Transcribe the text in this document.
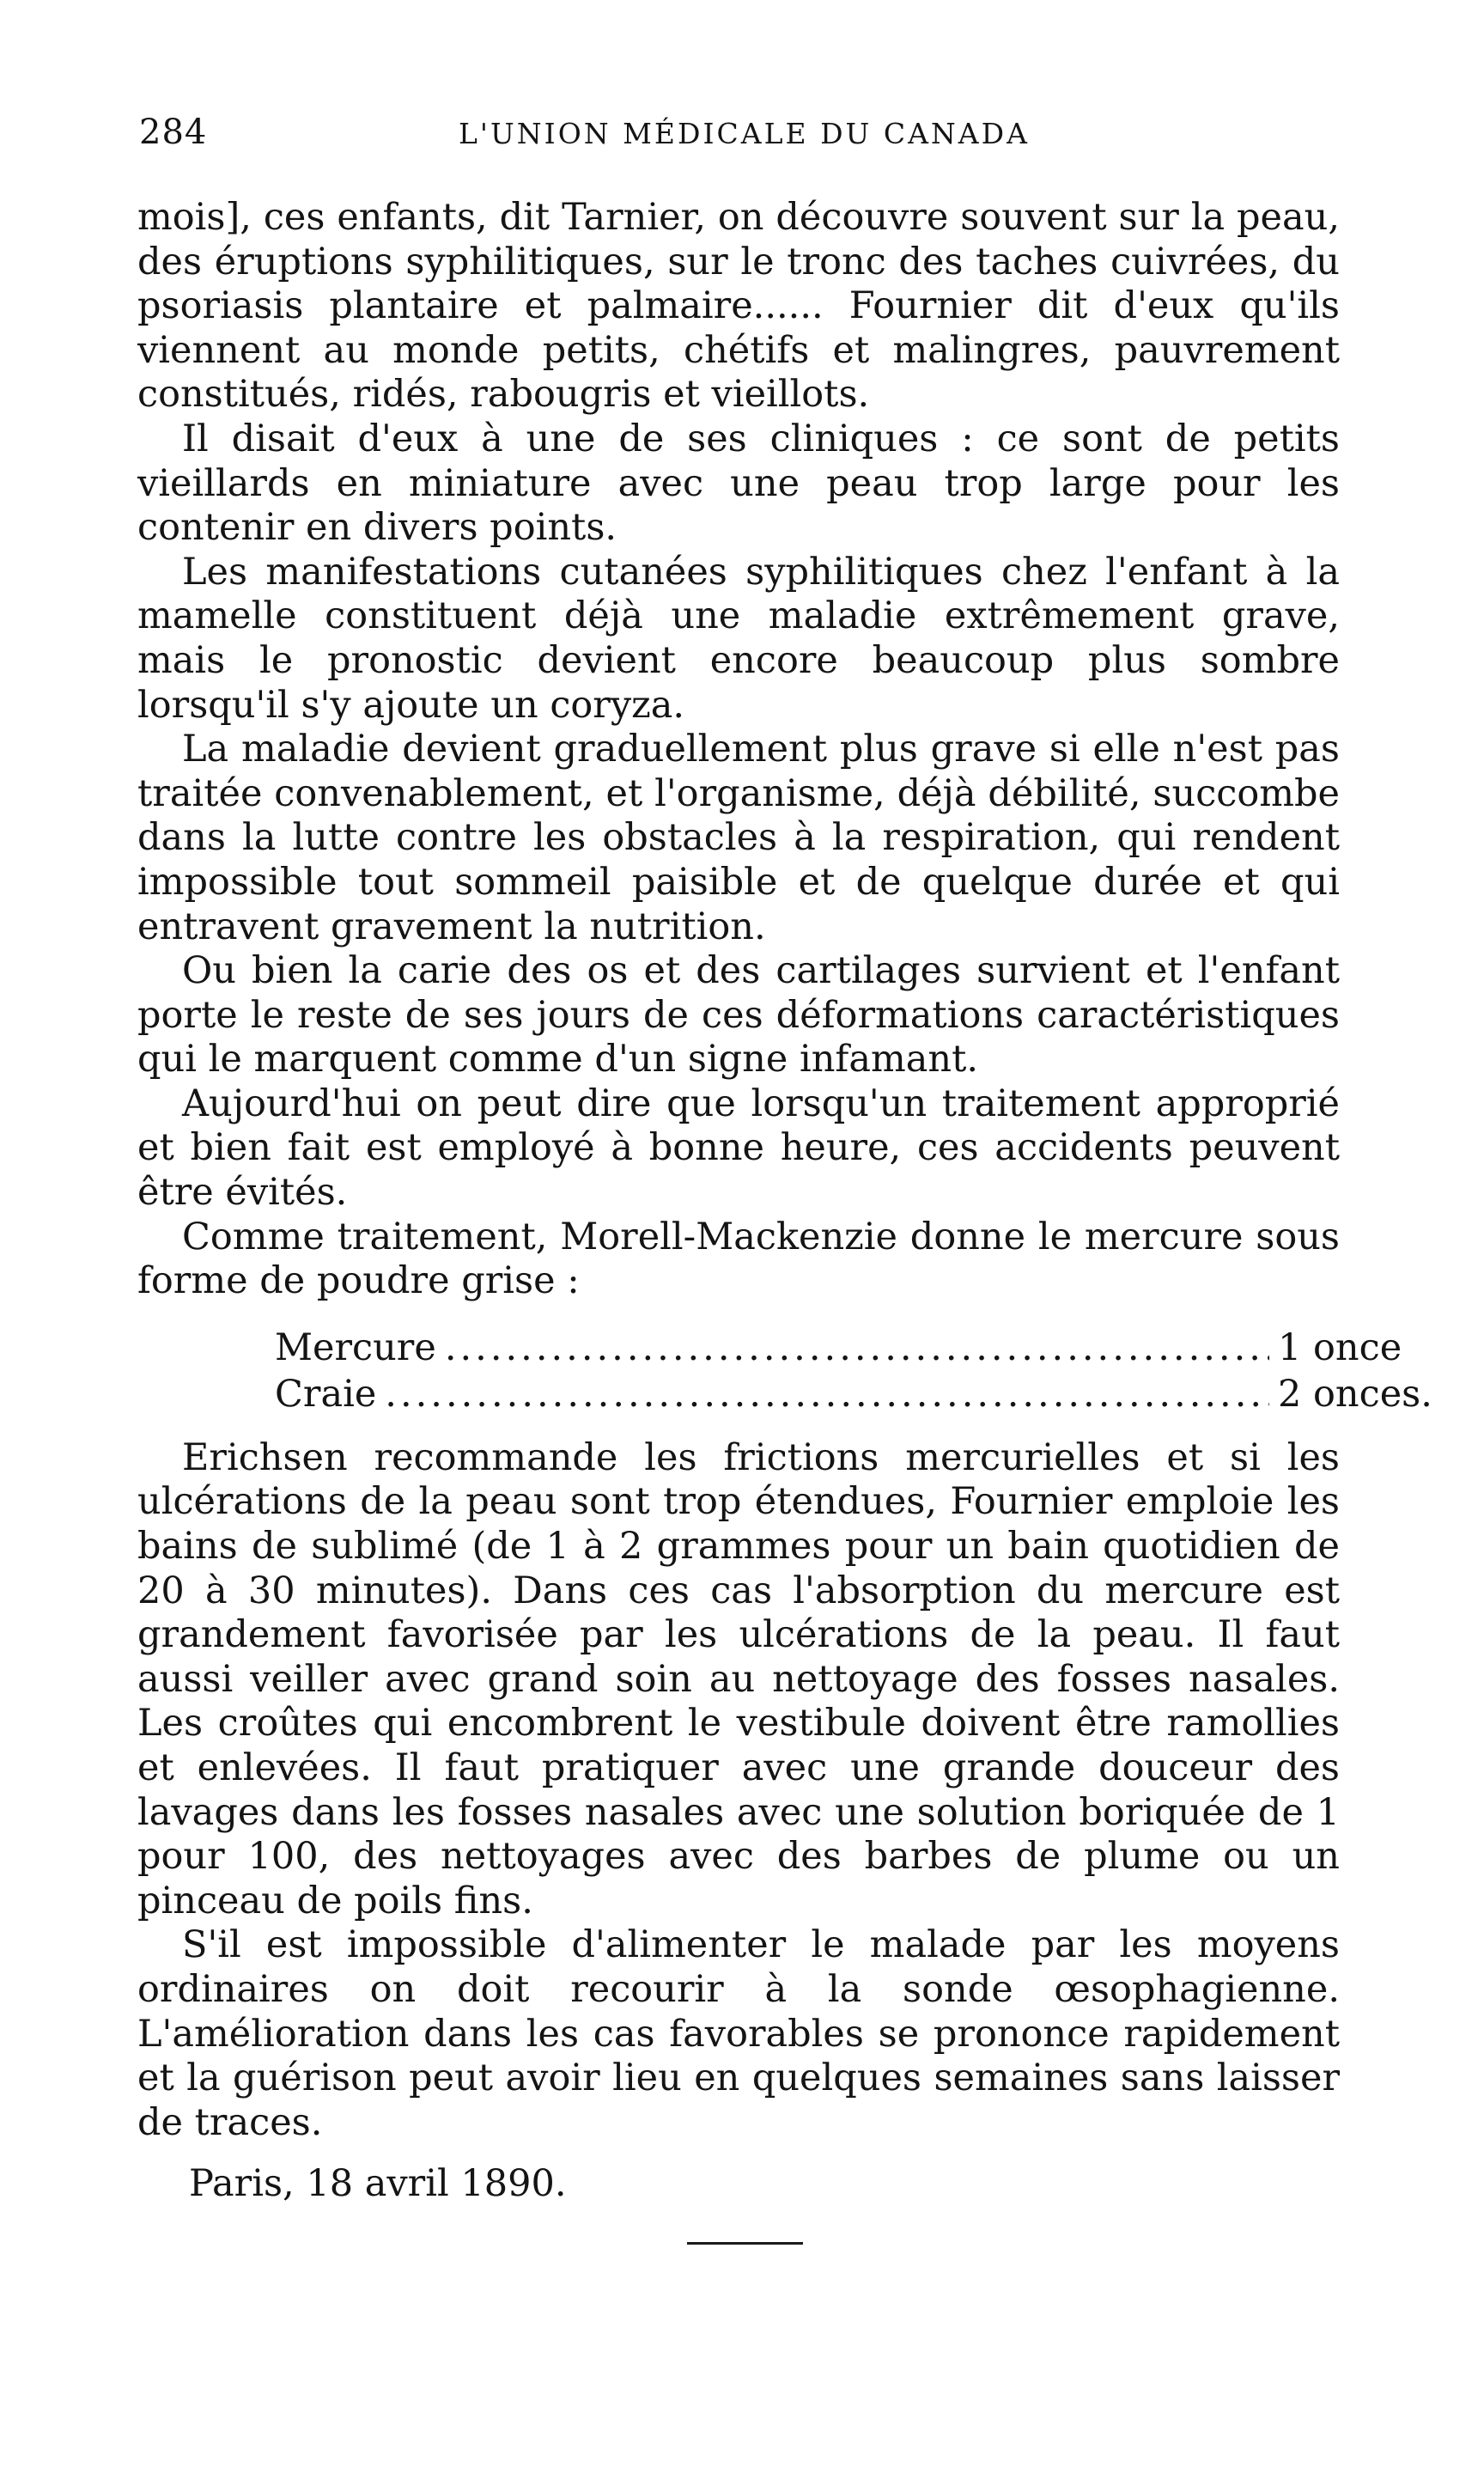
284	L'UNION MÉDICALE DU CANADA

mois], ces enfants, dit Tarnier, on découvre souvent sur la peau, des éruptions syphilitiques, sur le tronc des taches cuivrées, du psoriasis plantaire et palmaire...... Fournier dit d'eux qu'ils viennent au monde petits, chétifs et malingres, pauvrement constitués, ridés, rabougris et vieillots.

Il disait d'eux à une de ses cliniques : ce sont de petits vieillards en miniature avec une peau trop large pour les contenir en divers points.

Les manifestations cutanées syphilitiques chez l'enfant à la mamelle constituent déjà une maladie extrêmement grave, mais le pronostic devient encore beaucoup plus sombre lorsqu'il s'y ajoute un coryza.

La maladie devient graduellement plus grave si elle n'est pas traitée convenablement, et l'organisme, déjà débilité, succombe dans la lutte contre les obstacles à la respiration, qui rendent impossible tout sommeil paisible et de quelque durée et qui entravent gravement la nutrition.

Ou bien la carie des os et des cartilages survient et l'enfant porte le reste de ses jours de ces déformations caractéristiques qui le marquent comme d'un signe infamant.

Aujourd'hui on peut dire que lorsqu'un traitement approprié et bien fait est employé à bonne heure, ces accidents peuvent être évités.

Comme traitement, Morell-Mackenzie donne le mercure sous forme de poudre grise :

Mercure .....	1 once
Craie .....	2 onces.

Erichsen recommande les frictions mercurielles et si les ulcérations de la peau sont trop étendues, Fournier emploie les bains de sublimé (de 1 à 2 grammes pour un bain quotidien de 20 à 30 minutes). Dans ces cas l'absorption du mercure est grandement favorisée par les ulcérations de la peau. Il faut aussi veiller avec grand soin au nettoyage des fosses nasales. Les croûtes qui encombrent le vestibule doivent être ramollies et enlevées. Il faut pratiquer avec une grande douceur des lavages dans les fosses nasales avec une solution boriquée de 1 pour 100, des nettoyages avec des barbes de plume ou un pinceau de poils fins.

S'il est impossible d'alimenter le malade par les moyens ordinaires on doit recourir à la sonde œsophagienne. L'amélioration dans les cas favorables se prononce rapidement et la guérison peut avoir lieu en quelques semaines sans laisser de traces.

Paris, 18 avril 1890.
